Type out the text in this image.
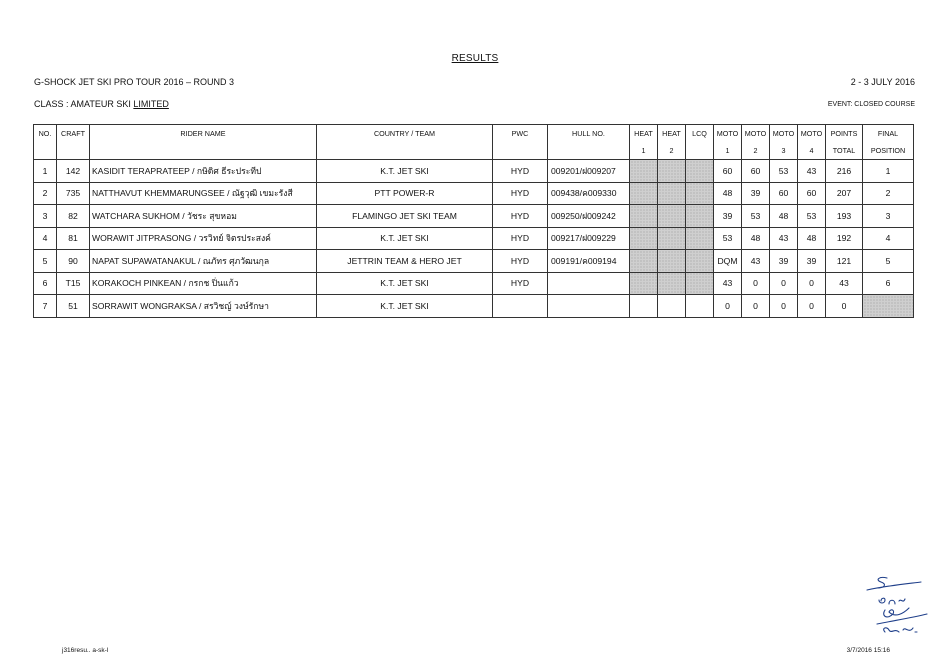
RESULTS
G-SHOCK JET SKI PRO TOUR 2016 – ROUND 3	2 - 3 JULY 2016
CLASS : AMATEUR SKI LIMITED	EVENT: CLOSED COURSE
NO.	CRAFT	RIDER NAME	COUNTRY / TEAM	PWC	HULL NO.	HEAT	HEAT	LCQ	MOTO	MOTO	MOTO	MOTO	POINTS	FINAL
						1	2		1	2	3	4	TOTAL	POSITION
1	142	KASIDIT TERAPRATEEP / กษิดิศ ธีระประทีป	K.T. JET SKI	HYD	009201/ฝ009207				60	60	53	43	216	1
2	735	NATTHAVUT KHEMMARUNGSEE / ณัฐวุฒิ เขมะรังสี	PTT POWER-R	HYD	009438/ค009330				48	39	60	60	207	2
3	82	WATCHARA SUKHOM / วัชระ สุขหอม	FLAMINGO JET SKI TEAM	HYD	009250/ฝ009242				39	53	48	53	193	3
4	81	WORAWIT JITPRASONG / วรวิทย์ จิตรประสงค์	K.T. JET SKI	HYD	009217/ฝ009229				53	48	43	48	192	4
5	90	NAPAT SUPAWATANAKUL / ณภัทร ศุภวัฒนกุล	JETTRIN TEAM & HERO JET	HYD	009191/ค009194				DQM	43	39	39	121	5
6	T15	KORAKOCH PINKEAN / กรกช ปิ่นแก้ว	K.T. JET SKI	HYD					43	0	0	0	43	6
7	51	SORRAWIT WONGRAKSA / สรวิชญ์ วงษ์รักษา	K.T. JET SKI						0	0	0	0	0	
j316resu.. a-sk-l	3/7/2016 15:16
